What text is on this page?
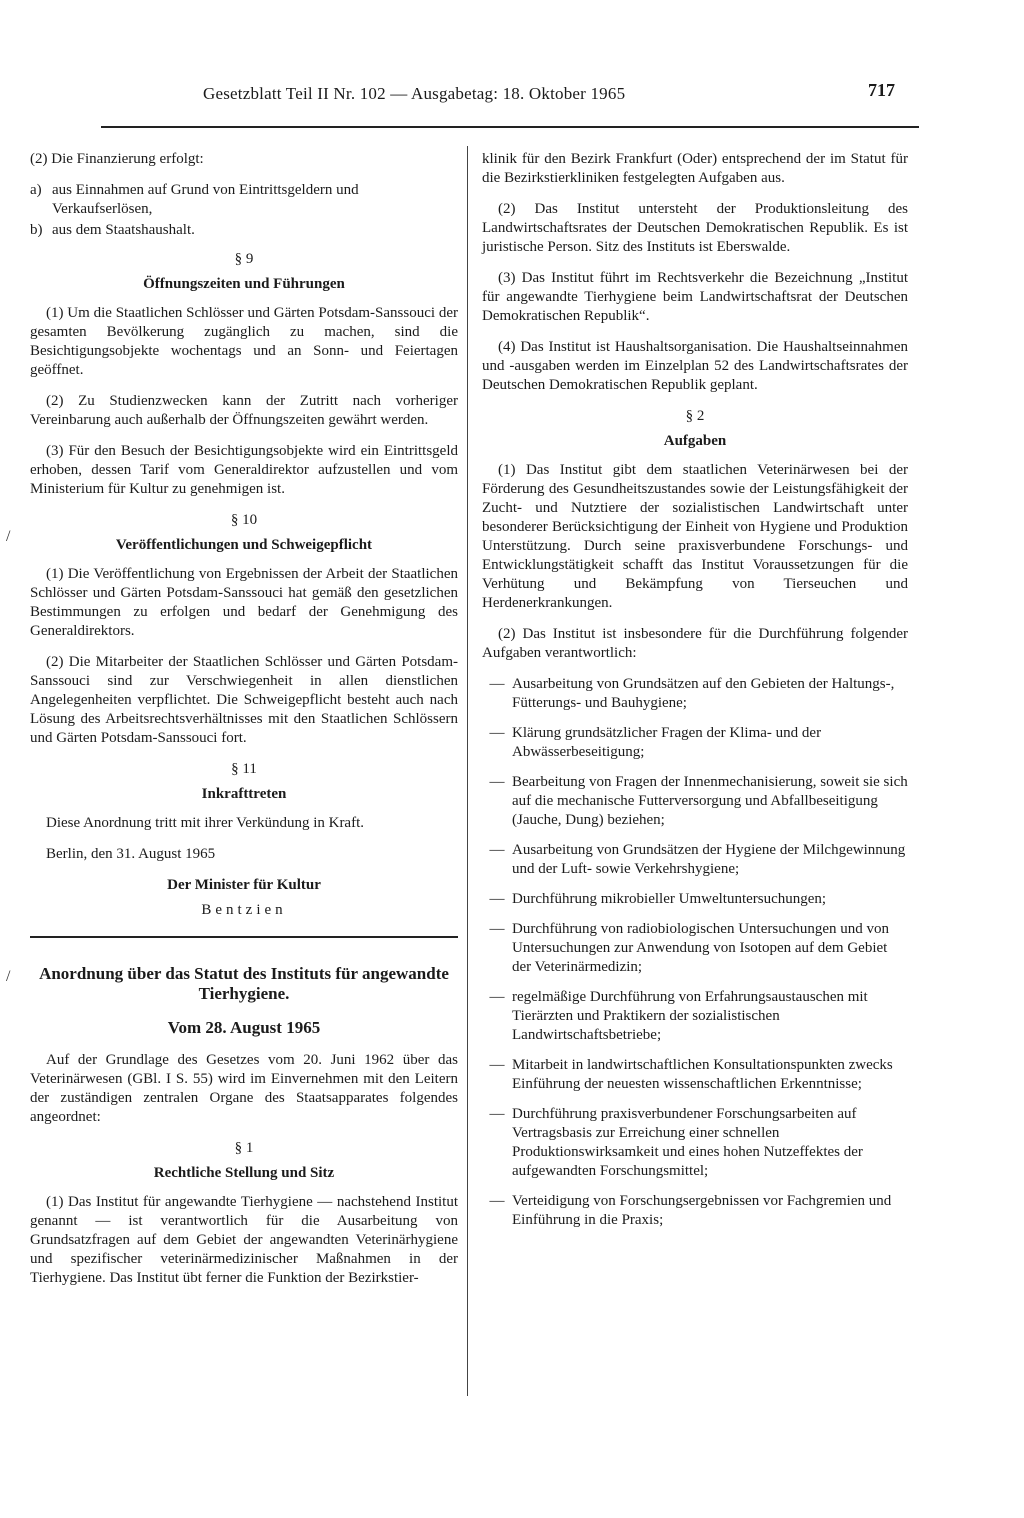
Gesetzblatt Teil II Nr. 102 — Ausgabetag: 18. Oktober 1965	717
/
/

(2) Die Finanzierung erfolgt:

a) aus Einnahmen auf Grund von Eintrittsgeldern und Verkaufserlösen,
b) aus dem Staatshaushalt.
§ 9
Öffnungszeiten und Führungen

(1) Um die Staatlichen Schlösser und Gärten Potsdam-Sanssouci der gesamten Bevölkerung zugänglich zu machen, sind die Besichtigungsobjekte wochentags und an Sonn- und Feiertagen geöffnet.

(2) Zu Studienzwecken kann der Zutritt nach vorheriger Vereinbarung auch außerhalb der Öffnungszeiten gewährt werden.

(3) Für den Besuch der Besichtigungsobjekte wird ein Eintrittsgeld erhoben, dessen Tarif vom Generaldirektor aufzustellen und vom Ministerium für Kultur zu genehmigen ist.

§ 10
Veröffentlichungen und Schweigepflicht

(1) Die Veröffentlichung von Ergebnissen der Arbeit der Staatlichen Schlösser und Gärten Potsdam-Sanssouci hat gemäß den gesetzlichen Bestimmungen zu erfolgen und bedarf der Genehmigung des Generaldirektors.

(2) Die Mitarbeiter der Staatlichen Schlösser und Gärten Potsdam-Sanssouci sind zur Verschwiegenheit in allen dienstlichen Angelegenheiten verpflichtet. Die Schweigepflicht besteht auch nach Lösung des Arbeitsrechtsverhältnisses mit den Staatlichen Schlössern und Gärten Potsdam-Sanssouci fort.

§ 11
Inkrafttreten

Diese Anordnung tritt mit ihrer Verkündung in Kraft.

Berlin, den 31. August 1965

Der Minister für Kultur
Bentzien
Anordnung über das Statut des Instituts für angewandte Tierhygiene.
Vom 28. August 1965

Auf der Grundlage des Gesetzes vom 20. Juni 1962 über das Veterinärwesen (GBl. I S. 55) wird im Einvernehmen mit den Leitern der zuständigen zentralen Organe des Staatsapparates folgendes angeordnet:

§ 1
Rechtliche Stellung und Sitz

(1) Das Institut für angewandte Tierhygiene — nachstehend Institut genannt — ist verantwortlich für die Ausarbeitung von Grundsatzfragen auf dem Gebiet der angewandten Veterinärhygiene und spezifischer veterinärmedizinischer Maßnahmen in der Tierhygiene. Das Institut übt ferner die Funktion der Bezirkstier-

klinik für den Bezirk Frankfurt (Oder) entsprechend der im Statut für die Bezirkstierkliniken festgelegten Aufgaben aus.

(2) Das Institut untersteht der Produktionsleitung des Landwirtschaftsrates der Deutschen Demokratischen Republik. Es ist juristische Person. Sitz des Instituts ist Eberswalde.

(3) Das Institut führt im Rechtsverkehr die Bezeichnung „Institut für angewandte Tierhygiene beim Landwirtschaftsrat der Deutschen Demokratischen Republik“.

(4) Das Institut ist Haushaltsorganisation. Die Haushaltseinnahmen und -ausgaben werden im Einzelplan 52 des Landwirtschaftsrates der Deutschen Demokratischen Republik geplant.

§ 2
Aufgaben

(1) Das Institut gibt dem staatlichen Veterinärwesen bei der Förderung des Gesundheitszustandes sowie der Leistungsfähigkeit der Zucht- und Nutztiere der sozialistischen Landwirtschaft unter besonderer Berücksichtigung der Einheit von Hygiene und Produktion Unterstützung. Durch seine praxisverbundene Forschungs- und Entwicklungstätigkeit schafft das Institut Voraussetzungen für die Verhütung und Bekämpfung von Tierseuchen und Herdenerkrankungen.

(2) Das Institut ist insbesondere für die Durchführung folgender Aufgaben verantwortlich:

— Ausarbeitung von Grundsätzen auf den Gebieten der Haltungs-, Fütterungs- und Bauhygiene;
— Klärung grundsätzlicher Fragen der Klima- und der Abwässerbeseitigung;
— Bearbeitung von Fragen der Innenmechanisierung, soweit sie sich auf die mechanische Futterversorgung und Abfallbeseitigung (Jauche, Dung) beziehen;
— Ausarbeitung von Grundsätzen der Hygiene der Milchgewinnung und der Luft- sowie Verkehrshygiene;
— Durchführung mikrobieller Umweltuntersuchungen;
— Durchführung von radiobiologischen Untersuchungen und von Untersuchungen zur Anwendung von Isotopen auf dem Gebiet der Veterinärmedizin;
— regelmäßige Durchführung von Erfahrungsaustauschen mit Tierärzten und Praktikern der sozialistischen Landwirtschaftsbetriebe;
— Mitarbeit in landwirtschaftlichen Konsultationspunkten zwecks Einführung der neuesten wissenschaftlichen Erkenntnisse;
— Durchführung praxisverbundener Forschungsarbeiten auf Vertragsbasis zur Erreichung einer schnellen Produktionswirksamkeit und eines hohen Nutzeffektes der aufgewandten Forschungsmittel;
— Verteidigung von Forschungsergebnissen vor Fachgremien und Einführung in die Praxis;
